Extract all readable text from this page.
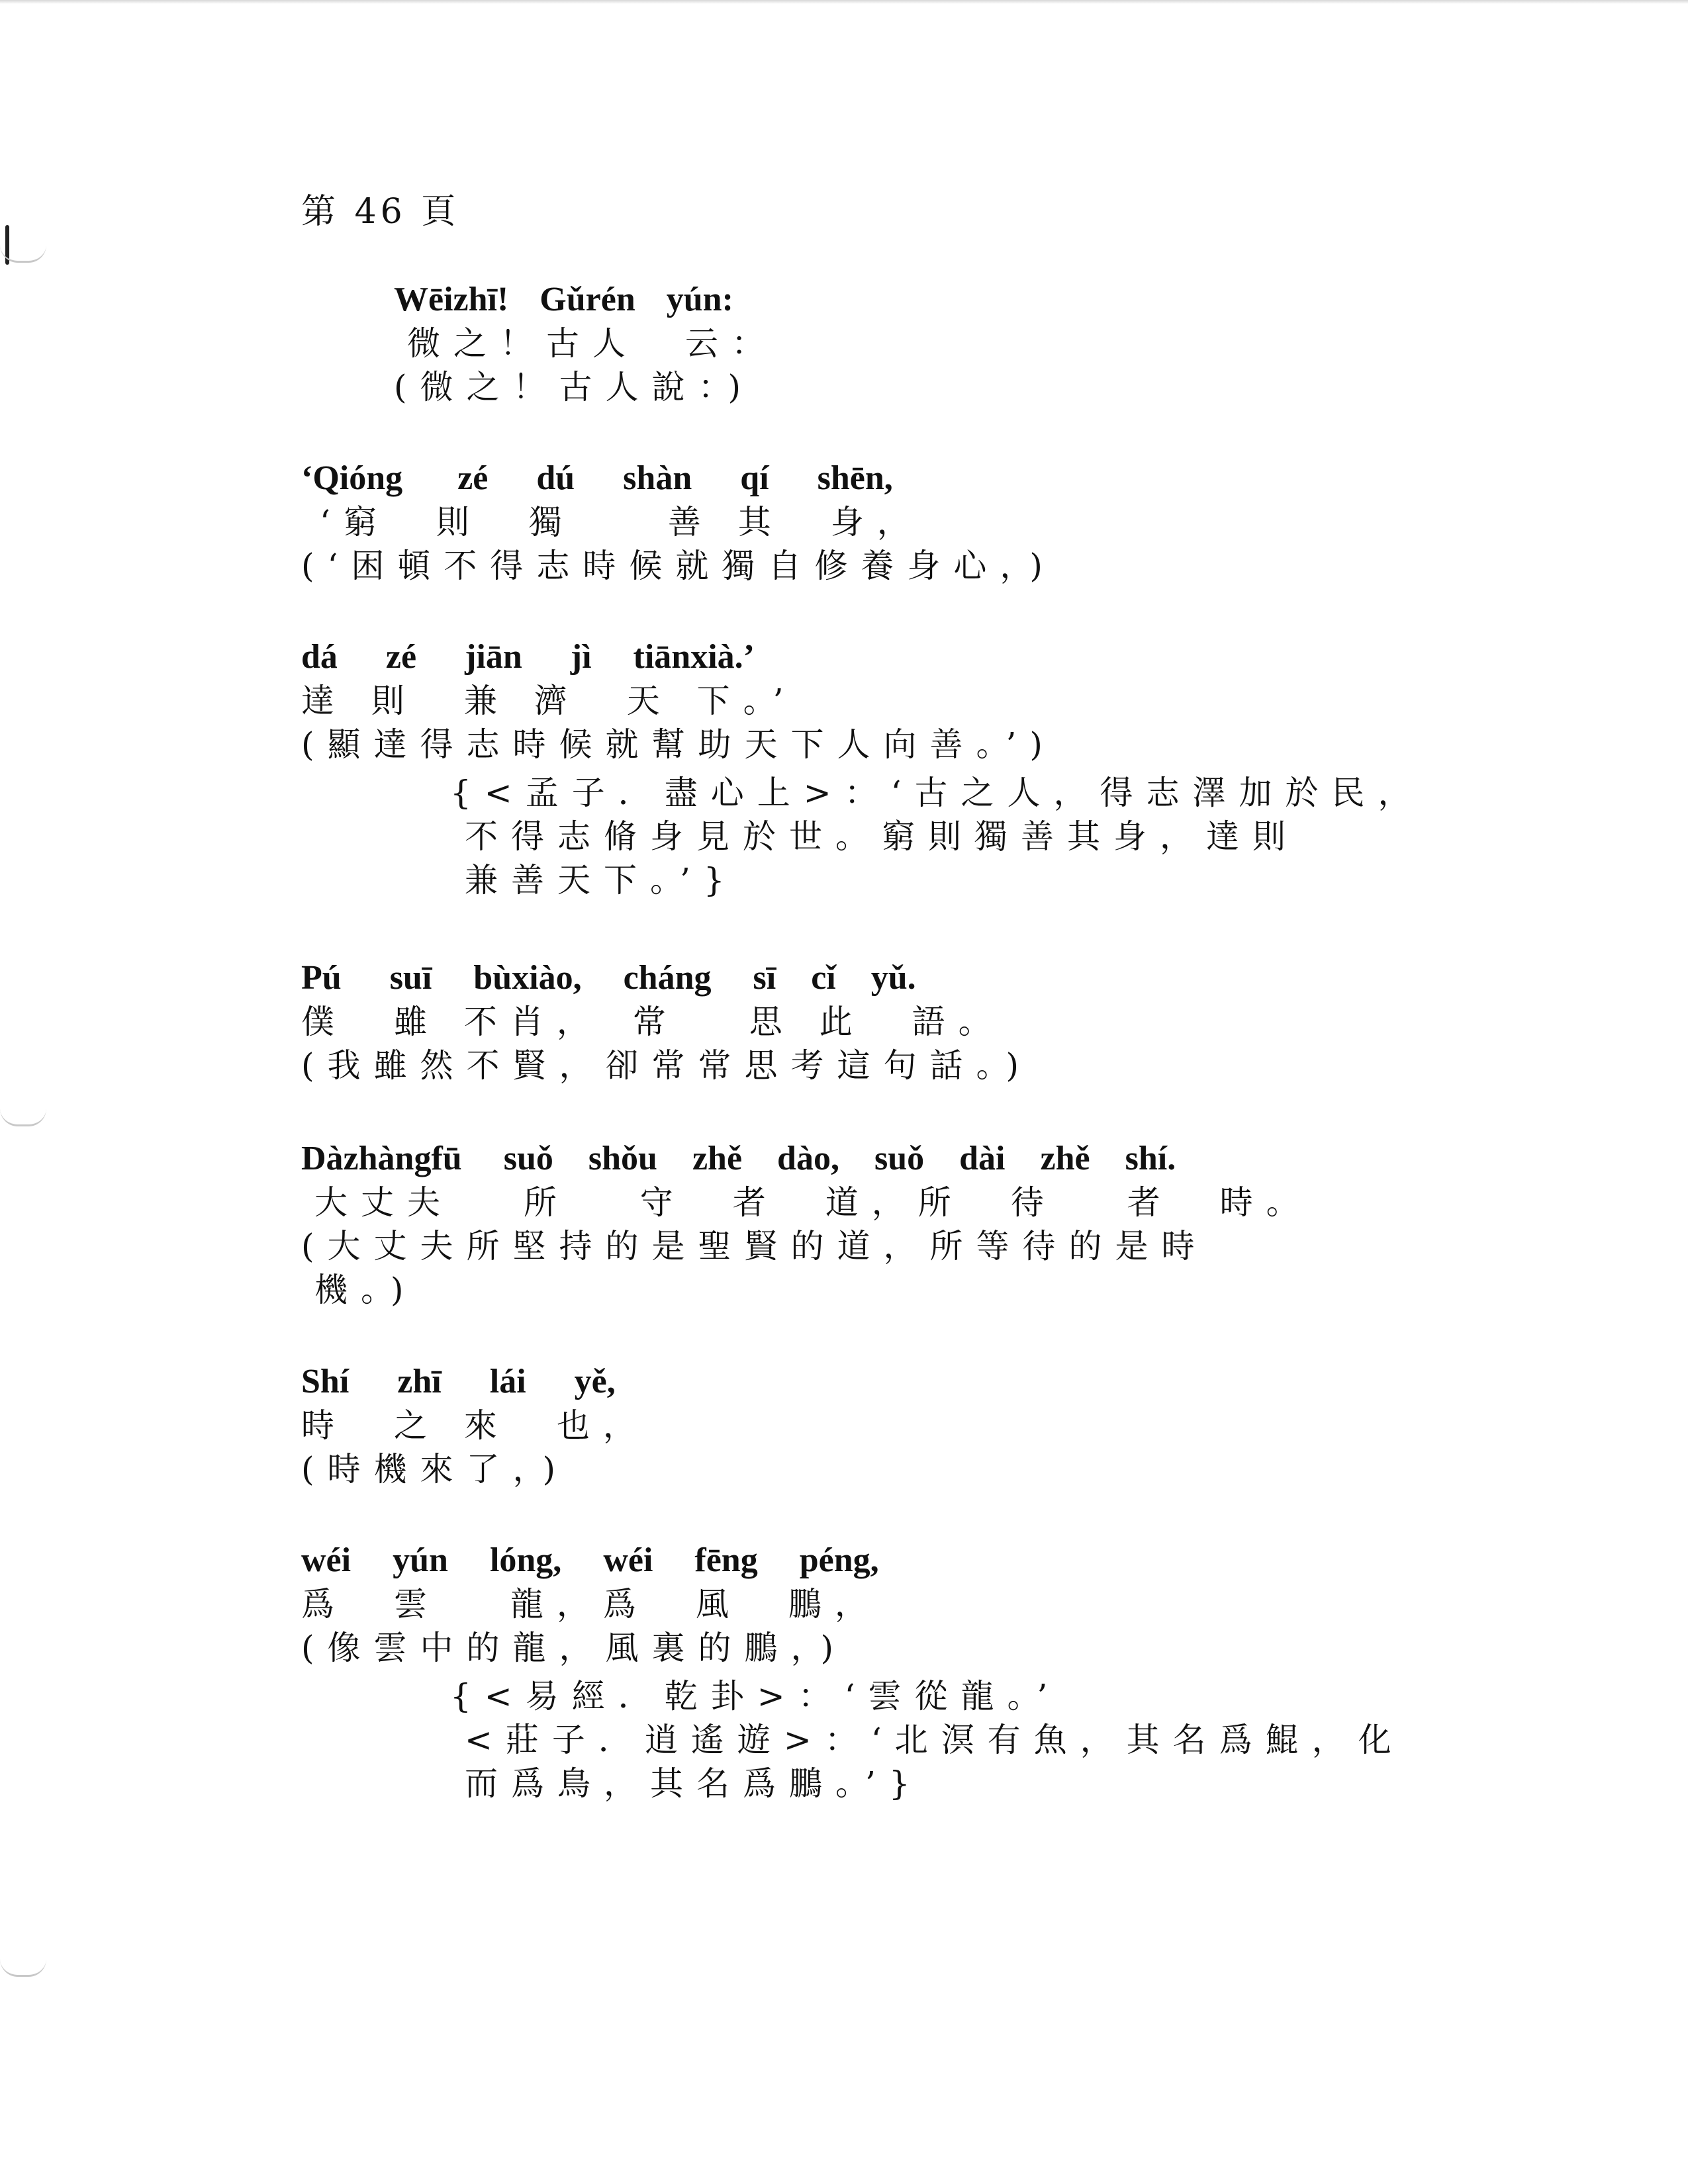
第 46 頁
Wēizhī! Gǔrén yún:
微之！古人　云：
(微之！古人說：)
‘Qióng zé dú shàn qí shēn,
‘窮　則　獨　　善 其　身，
(‘困頓不得志時候就獨自修養身心，)
dá zé jiān jì tiānxià.’
達 則　兼 濟　天 下。’
(顯達得志時候就幫助天下人向善。’)
{<孟子．盡心上>：‘古之人，得志澤加於民，
不得志脩身見於世。窮則獨善其身，達則
兼善天下。’}
Pú suī bùxiào, cháng sī cǐ yǔ.
僕　雖 不肖，　常　 思 此　語。
(我雖然不賢，卻常常思考這句話。)
Dàzhàngfū suǒ shǒu zhě dào, suǒ dài zhě shí.
大丈夫　 所　 守　者　道，所　待　 者　時。
(大丈夫所堅持的是聖賢的道，所等待的是時
機。)
Shí zhī lái yě,
時　之 來　也，
(時機來了，)
wéi yún lóng, wéi fēng péng,
爲　雲　 龍，爲　風　鵬，
(像雲中的龍，風裏的鵬，)
{<易經．乾卦>：‘雲從龍。’
<莊子．逍遙遊>：‘北溟有魚，其名爲鯤，化
而爲鳥，其名爲鵬。’}
